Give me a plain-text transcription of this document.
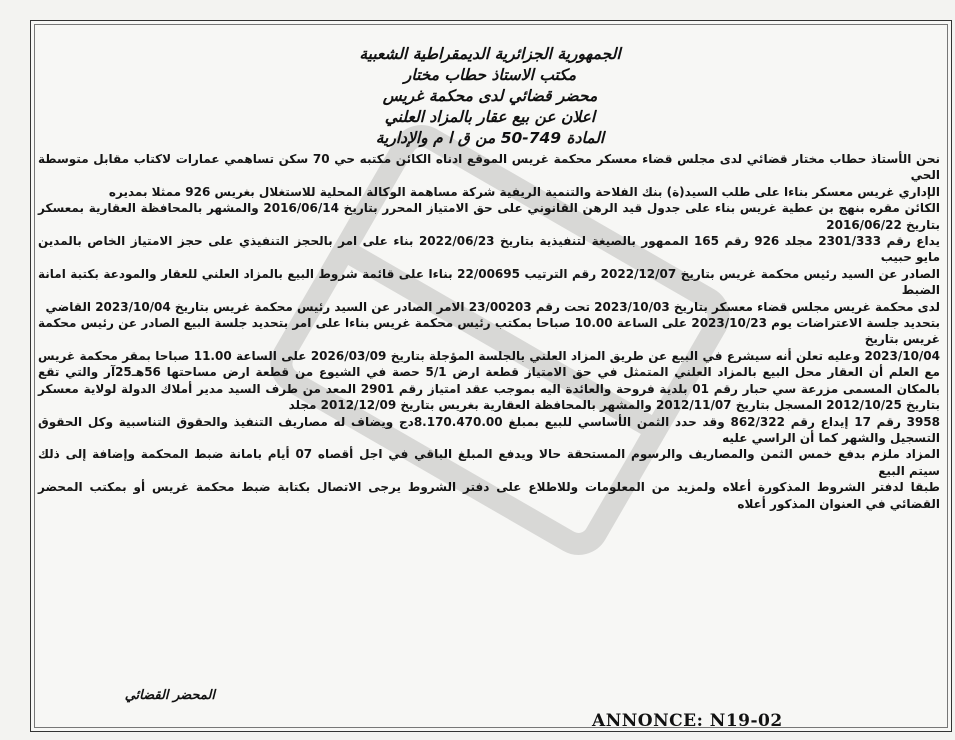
الجمهورية الجزائرية الديمقراطية الشعبية
مكتب الاستاذ حطاب مختار
محضر قضائي لدى محكمة غريس
اعلان عن بيع عقار بالمزاد العلني
المادة 749-50 من ق ا م والإدارية

نحن الأستاذ حطاب مختار قضائي لدى مجلس قضاء معسكر محكمة غريس الموقع ادناه الكائن مكتبه حي 70 سكن تساهمي عمارات لاكتاب مقابل متوسطة الحي

الإداري غريس معسكر بناءا على طلب السيد(ة) بنك الفلاحة والتنمية الريفية شركة مساهمة الوكالة المحلية للاستغلال بغريس 926 ممثلا بمديره

الكائن مقره بنهج بن عطية غريس بناء على جدول قيد الرهن القانوني على حق الامتياز المحرر بتاريخ 2016/06/14 والمشهر بالمحافظة العقارية بمعسكر بتاريخ 2016/06/22

يداع رقم 2301/333 مجلد 926 رقم 165 الممهور بالصيغة لتنفيذية بتاريخ 2022/06/23 بناء على امر بالحجز التنفيذي على حجز الامتياز الخاص بالمدين مايو حبيب

الصادر عن السيد رئيس محكمة غريس بتاريخ 2022/12/07 رقم الترتيب 22/00695 بناءا على قائمة شروط البيع بالمزاد العلني للعقار والمودعة بكتبة امانة الضبط

لدى محكمة غريس مجلس قضاء معسكر بتاريخ 2023/10/03 تحت رقم 23/00203 الامر الصادر عن السيد رئيس محكمة غريس بتاريخ 2023/10/04 القاضي

بتحديد جلسة الاعتراضات يوم 2023/10/23 على الساعة 10.00 صباحا بمكتب رئيس محكمة غريس بناءا على امر بتحديد جلسة البيع الصادر عن رئيس محكمة غريس بتاريخ

2023/10/04 وعليه تعلن أنه سيشرع في البيع عن طريق المزاد العلني بالجلسة المؤجلة بتاريخ 2026/03/09 على الساعة 11.00 صباحا بمقر محكمة غريس مع العلم أن العقار محل البيع بالمزاد العلني المتمثل في حق الامتياز قطعة ارض 5/1 حصة في الشيوع من قطعة ارض مساحتها 56هـ25آر والتي تقع بالمكان المسمى مزرعة سي حبار رقم 01 بلدية فروحة والعائدة اليه بموجب عقد امتياز رقم 2901 المعد من طرف السيد مدير أملاك الدولة لولاية معسكر بتاريخ 2012/10/25 المسجل بتاريخ 2012/11/07 والمشهر بالمحافظة العقارية بغريس بتاريخ 2012/12/09 مجلد

3958 رقم 17 إيداع رقم 862/322 وقد حدد الثمن الأساسي للبيع بمبلغ 8.170.470.00دج ويضاف له مصاريف التنفيذ والحقوق التناسبية وكل الحقوق التسجيل والشهر كما أن الراسي عليه

المزاد ملزم بدفع خمس الثمن والمصاريف والرسوم المستحقة حالا ويدفع المبلغ الباقي في اجل أقصاه 07 أيام بامانة ضبط المحكمة وإضافة إلى ذلك سيتم البيع

طبقا لدفتر الشروط المذكورة أعلاه ولمزيد من المعلومات وللاطلاع على دفتر الشروط يرجى الاتصال بكتابة ضبط محكمة غريس أو بمكتب المحضر القضائي في العنوان المذكور أعلاه

المحضر القضائي
ANNONCE: N19-02
